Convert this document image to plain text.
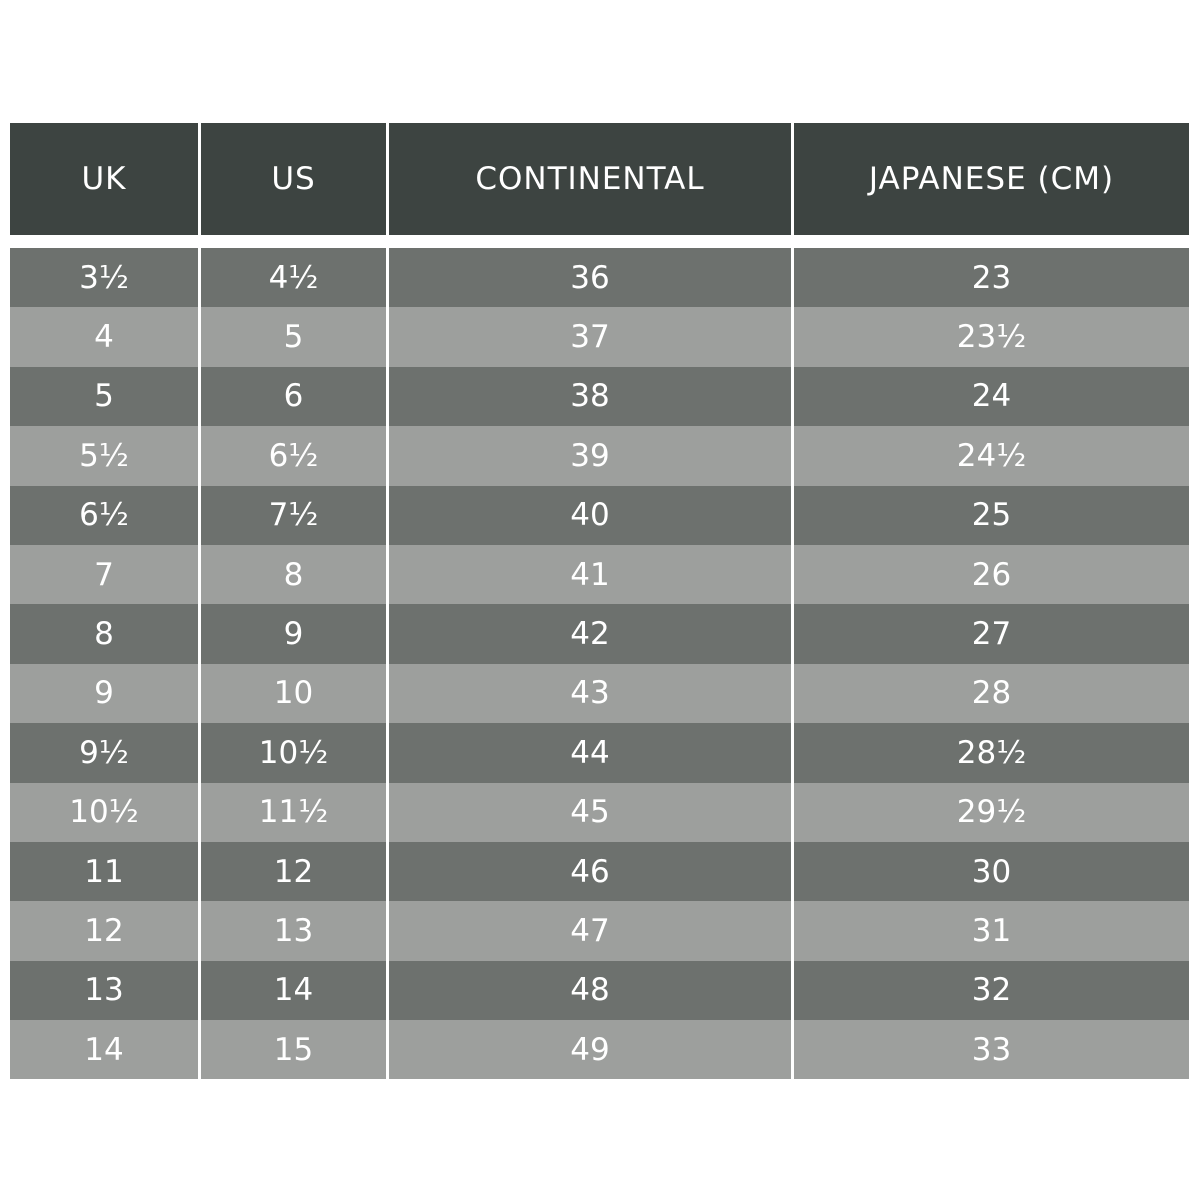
UK	US	CONTINENTAL	JAPANESE (CM)
3½	4½	36	23
4	5	37	23½
5	6	38	24
5½	6½	39	24½
6½	7½	40	25
7	8	41	26
8	9	42	27
9	10	43	28
9½	10½	44	28½
10½	11½	45	29½
11	12	46	30
12	13	47	31
13	14	48	32
14	15	49	33
